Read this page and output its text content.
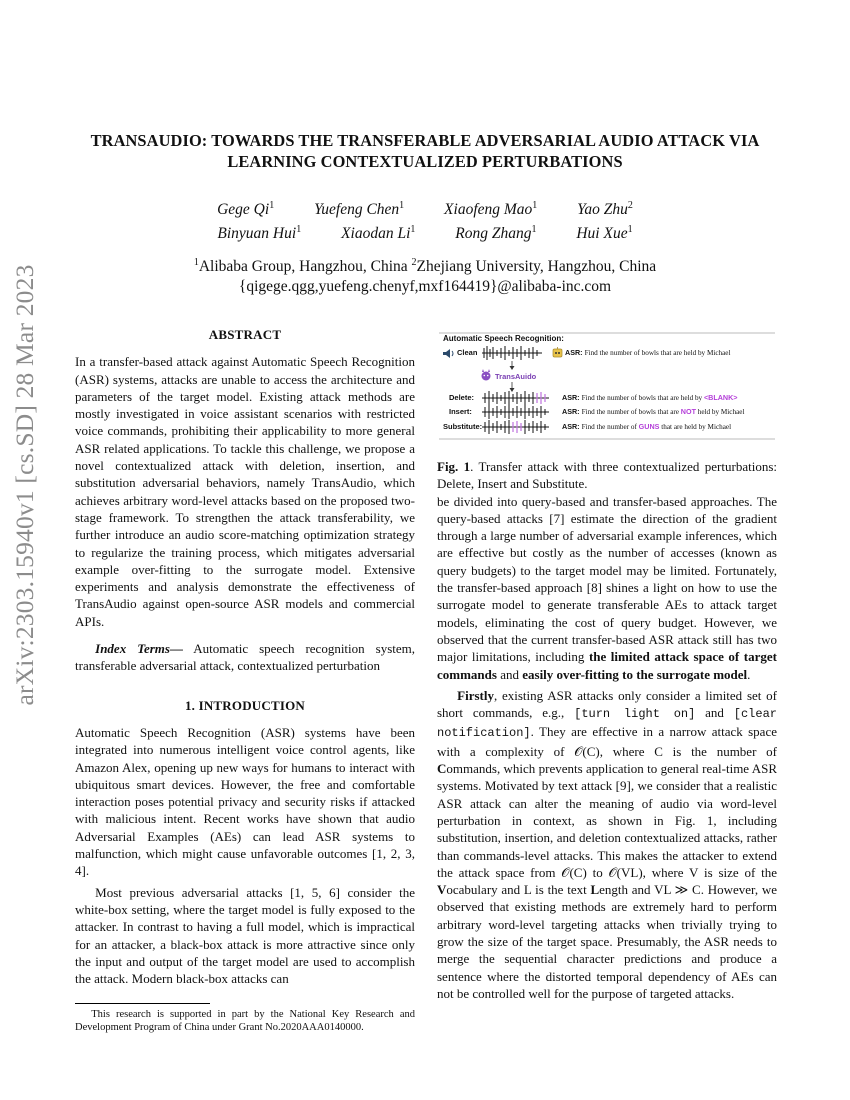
arXiv:2303.15940v1 [cs.SD] 28 Mar 2023
TRANSAUDIO: TOWARDS THE TRANSFERABLE ADVERSARIAL AUDIO ATTACK VIA
LEARNING CONTEXTUALIZED PERTURBATIONS
Gege Qi$^1$	Yuefeng Chen$^1$	Xiaofeng Mao$^1$	Yao Zhu$^2$
Binyuan Hui$^1$	Xiaodan Li$^1$	Rong Zhang$^1$	Hui Xue$^1$
$^1$Alibaba Group, Hangzhou, China $^2$Zhejiang University, Hangzhou, China
{qigege.qgg,yuefeng.chenyf,mxf164419}@alibaba-inc.com
ABSTRACT

In a transfer-based attack against Automatic Speech Recognition (ASR) systems, attacks are unable to access the architecture and parameters of the target model. Existing attack methods are mostly investigated in voice assistant scenarios with restricted voice commands, prohibiting their applicability to more general ASR related applications. To tackle this challenge, we propose a novel contextualized attack with deletion, insertion, and substitution adversarial behaviors, namely TransAudio, which achieves arbitrary word-level attacks based on the proposed two-stage framework. To strengthen the attack transferability, we further introduce an audio score-matching optimization strategy to regularize the training process, which mitigates adversarial example over-fitting to the surrogate model. Extensive experiments and analysis demonstrate the effectiveness of TransAudio against open-source ASR models and commercial APIs.

Index Terms— Automatic speech recognition system, transferable adversarial attack, contextualized perturbation

1. INTRODUCTION

Automatic Speech Recognition (ASR) systems have been integrated into numerous intelligent voice control agents, like Amazon Alex, opening up new ways for humans to interact with ubiquitous smart devices. However, the free and comfortable interaction poses potential privacy and security risks if attacked with malicious intent. Recent works have shown that audio Adversarial Examples (AEs) can lead ASR systems to malfunction, which might cause unfavorable outcomes [1, 2, 3, 4].

Most previous adversarial attacks [1, 5, 6] consider the white-box setting, where the target model is fully exposed to the attacker. In contrast to having a full model, which is impractical for an attacker, a black-box attack is more attractive since only the input and output of the target model are used to accomplish the attack. Modern black-box attacks can

This research is supported in part by the National Key Research and Development Program of China under Grant No.2020AAA0140000.

Automatic Speech Recognition:
Clean	ASR: Find the number of bowls that are held by Michael
TransAuido
Delete:	ASR: Find the number of bowls that are held by <BLANK>
Insert:	ASR: Find the number of bowls that are NOT held by Michael
Substitute:	ASR: Find the number of GUNS that are held by Michael

Fig. 1. Transfer attack with three contextualized perturbations: Delete, Insert and Substitute.

be divided into query-based and transfer-based approaches. The query-based attacks [7] estimate the direction of the gradient through a large number of adversarial example inferences, which are effective but costly as the number of accesses (known as query budgets) to the target model may be limited. Fortunately, the transfer-based approach [8] shines a light on how to use the surrogate model to generate transferable AEs to attack target models, eliminating the cost of query budget. However, we observed that the current transfer-based ASR attack still has two major limitations, including the limited attack space of target commands and easily over-fitting to the surrogate model.

Firstly, existing ASR attacks only consider a limited set of short commands, e.g., [turn light on] and [clear notification]. They are effective in a narrow attack space with a complexity of 𝒪(C), where C is the number of Commands, which prevents application to general real-time ASR systems. Motivated by text attack [9], we consider that a realistic ASR attack can alter the meaning of audio via word-level perturbation in context, as shown in Fig. 1, including substitution, insertion, and deletion contextualized attacks, rather than commands-level attacks. This makes the attacker to extend the attack space from 𝒪(C) to 𝒪(VL), where V is size of the Vocabulary and L is the text Length and VL ≫ C. However, we observed that existing methods are extremely hard to perform arbitrary word-level targeting attacks when trivially trying to grow the size of the target space. Presumably, the ASR needs to merge the sequential character predictions and produce a sentence where the distorted temporal dependency of AEs can not be controlled well for the purpose of targeted attacks.
